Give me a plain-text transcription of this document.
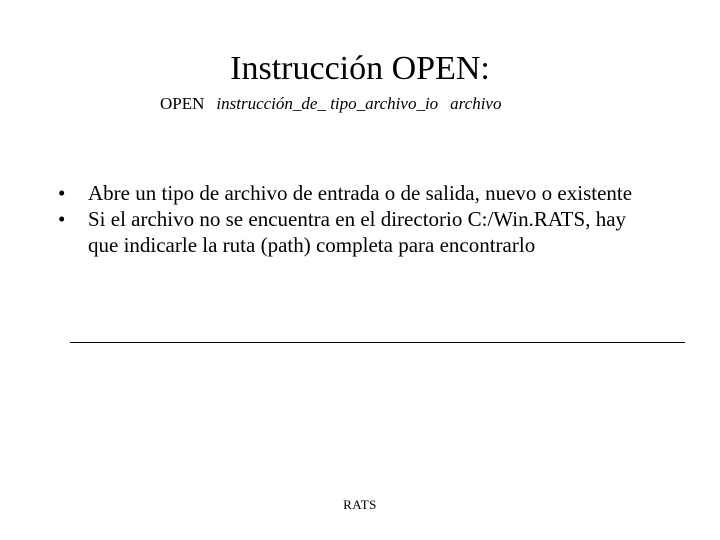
Instrucción OPEN:
OPEN instrucción_de_ tipo_archivo_io archivo
• Abre un tipo de archivo de entrada o de salida, nuevo o existente
• Si el archivo no se encuentra en el directorio C:/Win.RATS, hay que indicarle la ruta (path) completa para encontrarlo
RATS
